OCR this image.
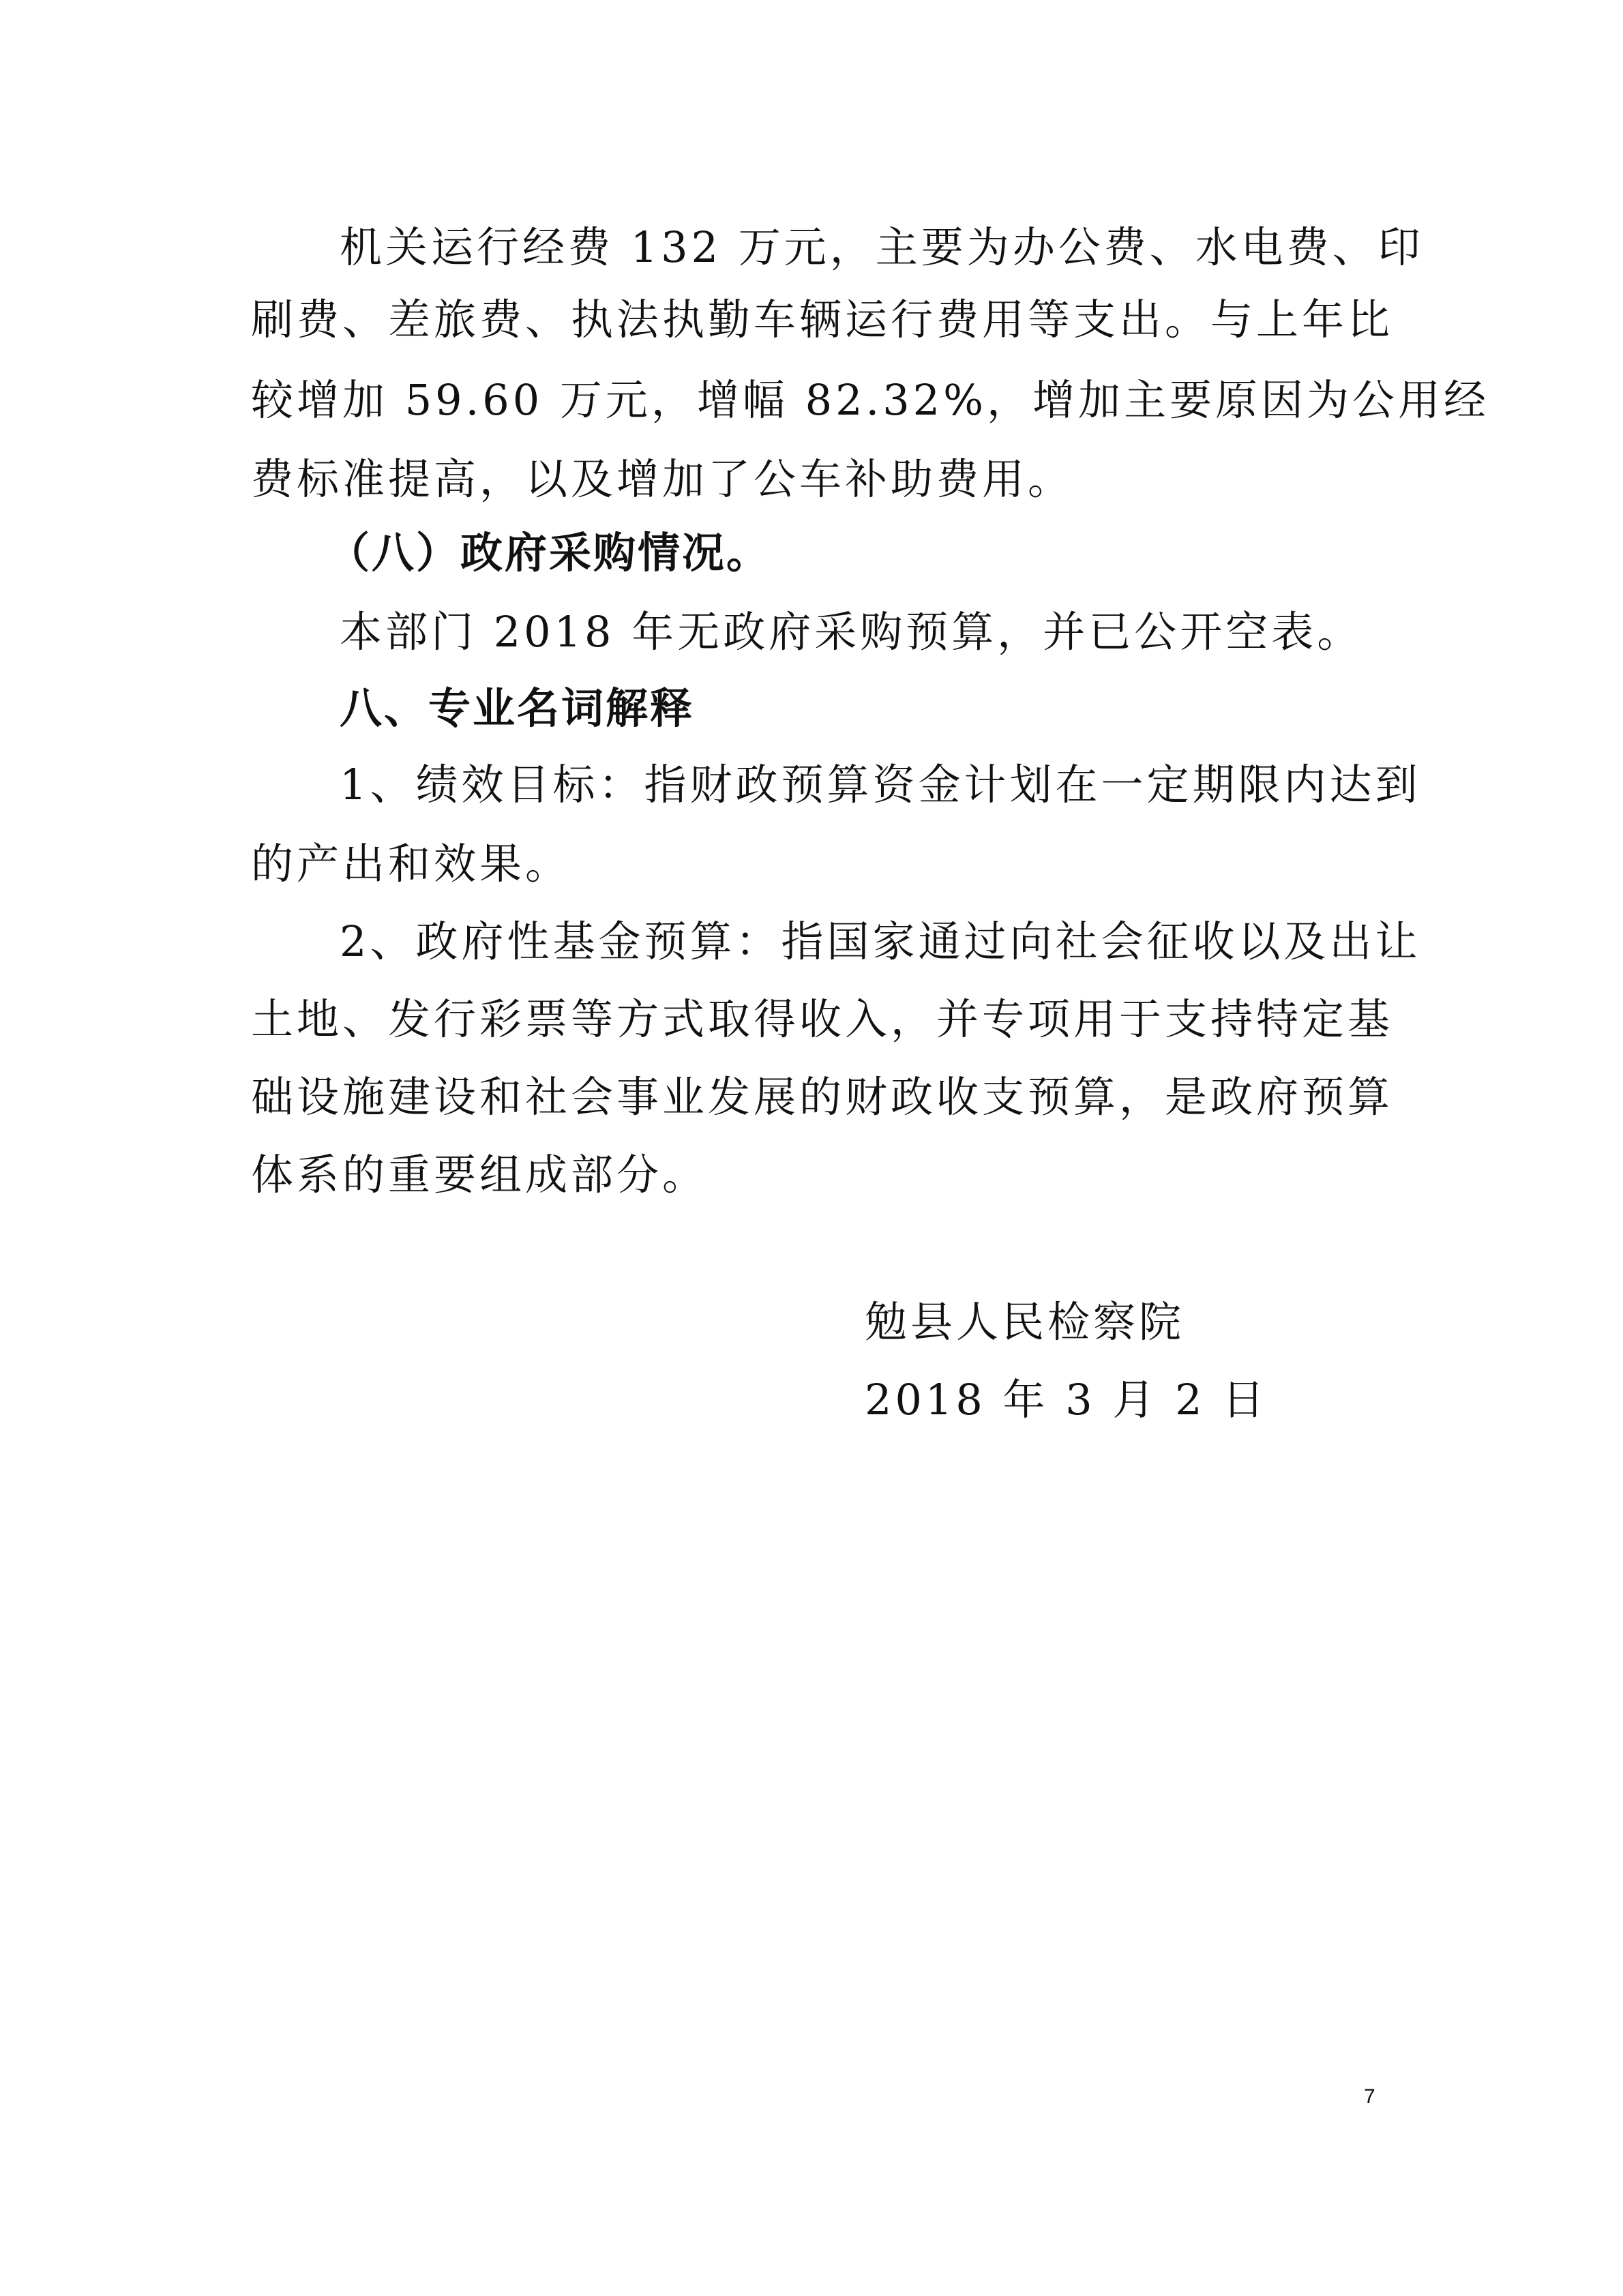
机关运行经费 132 万元，主要为办公费、水电费、印
刷费、差旅费、执法执勤车辆运行费用等支出。与上年比
较增加 59.60 万元，增幅 82.32%，增加主要原因为公用经
费标准提高，以及增加了公车补助费用。
（八）政府采购情况。
本部门 2018 年无政府采购预算，并已公开空表。
八、专业名词解释
1、绩效目标：指财政预算资金计划在一定期限内达到
的产出和效果。
2、政府性基金预算：指国家通过向社会征收以及出让
土地、发行彩票等方式取得收入，并专项用于支持特定基
础设施建设和社会事业发展的财政收支预算，是政府预算
体系的重要组成部分。
勉县人民检察院
2018 年 3 月 2 日
7
